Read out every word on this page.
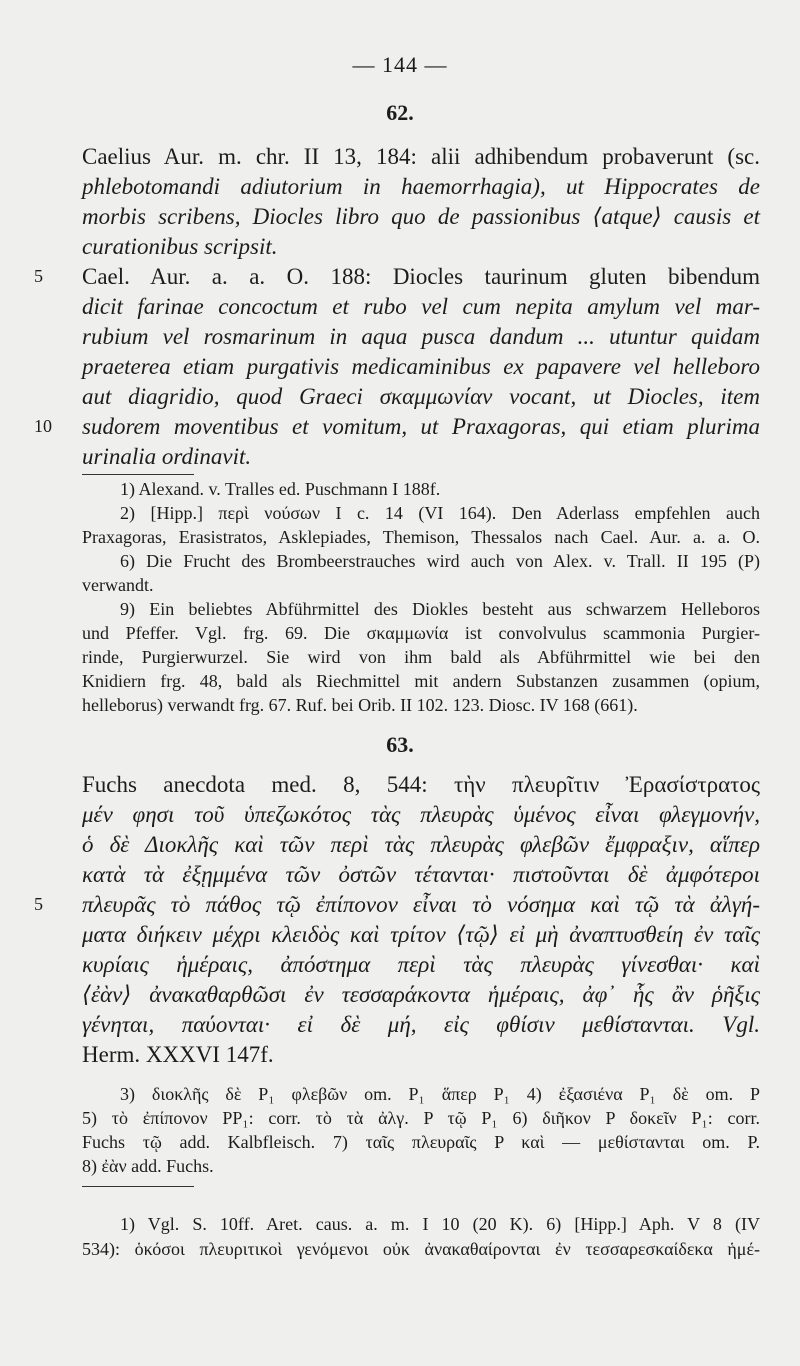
— 144 —
62.
Caelius Aur. m. chr. II 13, 184: alii adhibendum probaverunt (sc.
phlebotomandi adiutorium in haemorrhagia), ut Hippocrates de
morbis scribens, Diocles libro quo de passionibus ⟨atque⟩ causis et
curationibus scripsit.
5 Cael. Aur. a. a. O. 188: Diocles taurinum gluten bibendum
dicit farinae concoctum et rubo vel cum nepita amylum vel mar-
rubium vel rosmarinum in aqua pusca dandum ... utuntur quidam
praeterea etiam purgativis medicaminibus ex papavere vel helleboro
aut diagridio, quod Graeci σκαμμωνίαν vocant, ut Diocles, item
10 sudorem moventibus et vomitum, ut Praxagoras, qui etiam plurima
urinalia ordinavit.
1) Alexand. v. Tralles ed. Puschmann I 188f.
2) [Hipp.] περὶ νούσων I c. 14 (VI 164). Den Aderlass empfehlen auch
Praxagoras, Erasistratos, Asklepiades, Themison, Thessalos nach Cael. Aur. a. a. O.
6) Die Frucht des Brombeerstrauches wird auch von Alex. v. Trall. II 195 (P)
verwandt.
9) Ein beliebtes Abführmittel des Diokles besteht aus schwarzem Helleboros
und Pfeffer. Vgl. frg. 69. Die σκαμμωνία ist convolvulus scammonia Purgier-
rinde, Purgierwurzel. Sie wird von ihm bald als Abführmittel wie bei den
Knidiern frg. 48, bald als Riechmittel mit andern Substanzen zusammen (opium,
helleborus) verwandt frg. 67. Ruf. bei Orib. II 102. 123. Diosc. IV 168 (661).
63.
Fuchs anecdota med. 8, 544: τὴν πλευρῖτιν Ἐρασίστρατος
μέν φησι τοῦ ὑπεζωκότος τὰς πλευρὰς ὑμένος εἶναι φλεγμονήν,
ὁ δὲ Διοκλῆς καὶ τῶν περὶ τὰς πλευρὰς φλεβῶν ἔμφραξιν, αἵπερ
κατὰ τὰ ἐξῃμμένα τῶν ὀστῶν τέτανται· πιστοῦνται δὲ ἀμφότεροι
5 πλευρᾶς τὸ πάθος τῷ ἐπίπονον εἶναι τὸ νόσημα καὶ τῷ τὰ ἀλγή-
ματα διήκειν μέχρι κλειδὸς καὶ τρίτον ⟨τῷ⟩ εἰ μὴ ἀναπτυσθείη ἐν ταῖς
κυρίαις ἡμέραις, ἀπόστημα περὶ τὰς πλευρὰς γίνεσθαι· καὶ
⟨ἐὰν⟩ ἀνακαθαρθῶσι ἐν τεσσαράκοντα ἡμέραις, ἀφ᾿ ἧς ἂν ῥῆξις
γένηται, παύονται· εἰ δὲ μή, εἰς φθίσιν μεθίστανται. Vgl.
Herm. XXXVI 147f.
3) διοκλῆς δὲ P₁ φλεβῶν om. P₁ ἅπερ P₁ 4) ἐξασιένα P₁ δὲ om. P
5) τὸ ἐπίπονον PP₁: corr. τὸ τὰ ἀλγ. P τῷ P₁ 6) διῆκον P δοκεῖν P₁: corr.
Fuchs τῷ add. Kalbfleisch. 7) ταῖς πλευραῖς P καὶ — μεθίστανται om. P.
8) ἐὰν add. Fuchs.
1) Vgl. S. 10ff. Aret. caus. a. m. I 10 (20 K). 6) [Hipp.] Aph. V 8 (IV
534): ὁκόσοι πλευριτικοὶ γενόμενοι οὐκ ἀνακαθαίρονται ἐν τεσσαρεσκαίδεκα ἡμέ-
